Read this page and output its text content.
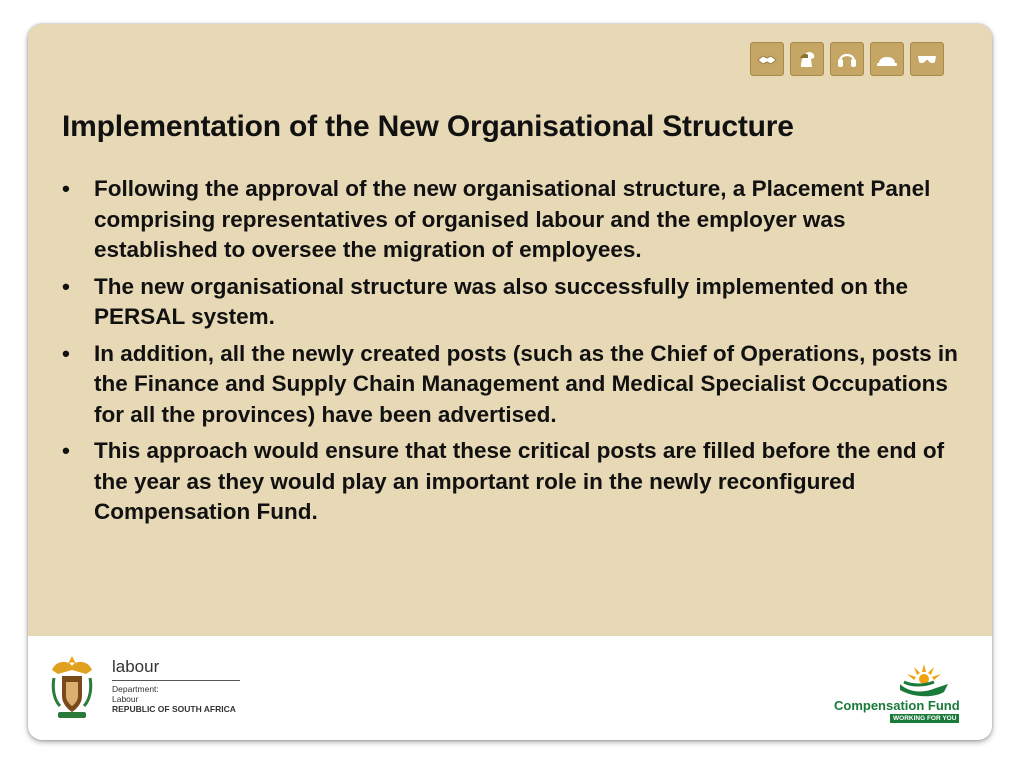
Implementation of the New Organisational Structure
• Following the approval of the new organisational structure, a Placement Panel comprising representatives of organised labour and the employer was established to oversee the migration of employees.
• The new organisational structure was also successfully implemented on the PERSAL system.
• In addition, all the newly created posts (such as the Chief of Operations, posts in the Finance and Supply Chain Management and Medical Specialist Occupations for all the provinces) have been advertised.
• This approach would ensure that these critical posts are filled before the end of the year as they would play an important role in the newly reconfigured Compensation Fund.
labour
Department:
Labour
REPUBLIC OF SOUTH AFRICA	Compensation Fund
WORKING FOR YOU
